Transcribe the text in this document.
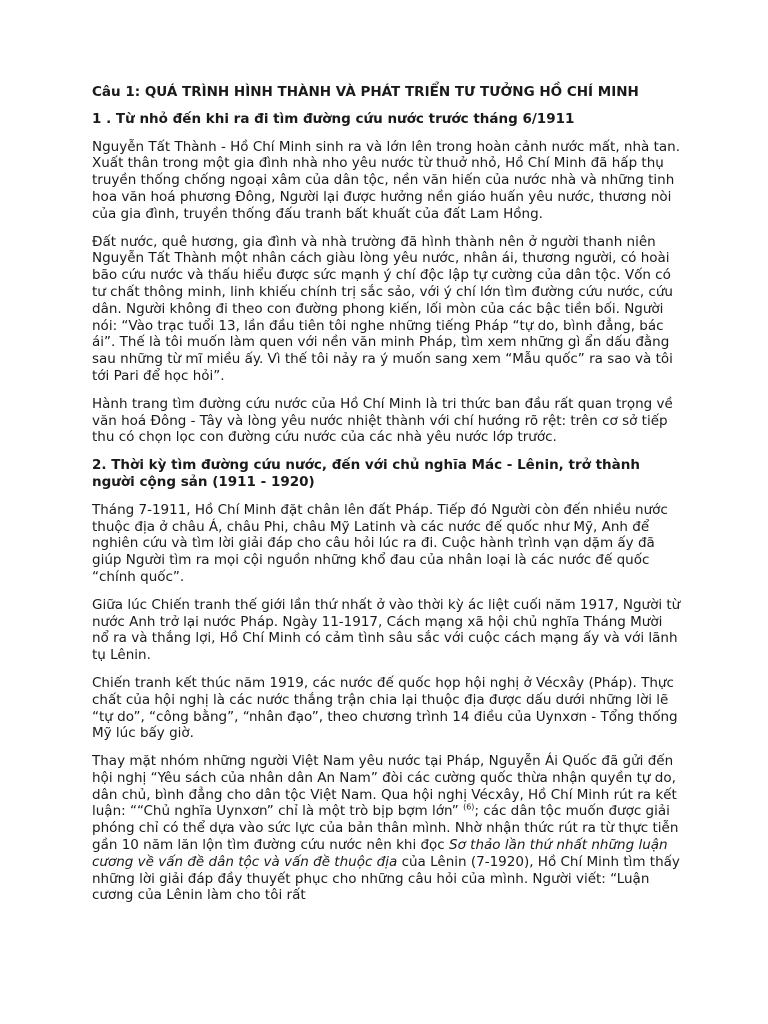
Câu 1: QUÁ TRÌNH HÌNH THÀNH VÀ PHÁT TRIỂN TƯ TƯỞNG HỒ CHÍ MINH
1 . Từ nhỏ đến khi ra đi tìm đường cứu nước trước tháng 6/1911

Nguyễn Tất Thành - Hồ Chí Minh sinh ra và lớn lên trong hoàn cảnh nước mất, nhà tan. Xuất thân trong một gia đình nhà nho yêu nước từ thuở nhỏ, Hồ Chí Minh đã hấp thụ truyền thống chống ngoại xâm của dân tộc, nền văn hiến của nước nhà và những tinh hoa văn hoá phương Đông, Người lại được hưởng nền giáo huấn yêu nước, thương nòi của gia đình, truyền thống đấu tranh bất khuất của đất Lam Hồng.

Đất nước, quê hương, gia đình và nhà trường đã hình thành nên ở người thanh niên Nguyễn Tất Thành một nhân cách giàu lòng yêu nước, nhân ái, thương người, có hoài bão cứu nước và thấu hiểu được sức mạnh ý chí độc lập tự cường của dân tộc. Vốn có tư chất thông minh, linh khiếu chính trị sắc sảo, với ý chí lớn tìm đường cứu nước, cứu dân. Người không đi theo con đường phong kiến, lối mòn của các bậc tiền bối. Người nói: “Vào trạc tuổi 13, lần đầu tiên tôi nghe những tiếng Pháp “tự do, bình đẳng, bác ái”. Thế là tôi muốn làm quen với nền văn minh Pháp, tìm xem những gì ẩn dấu đằng sau những từ mĩ miều ấy. Vì thế tôi nảy ra ý muốn sang xem “Mẫu quốc” ra sao và tôi tới Pari để học hỏi”.

Hành trang tìm đường cứu nước của Hồ Chí Minh là tri thức ban đầu rất quan trọng về văn hoá Đông - Tây và lòng yêu nước nhiệt thành với chí hướng rõ rệt: trên cơ sở tiếp thu có chọn lọc con đường cứu nước của các nhà yêu nước lớp trước.

2. Thời kỳ tìm đường cứu nước, đến với chủ nghĩa Mác - Lênin, trở thành người cộng sản (1911 - 1920)

Tháng 7-1911, Hồ Chí Minh đặt chân lên đất Pháp. Tiếp đó Người còn đến nhiều nước thuộc địa ở châu Á, châu Phi, châu Mỹ Latinh và các nước đế quốc như Mỹ, Anh để nghiên cứu và tìm lời giải đáp cho câu hỏi lúc ra đi. Cuộc hành trình vạn dặm ấy đã giúp Người tìm ra mọi cội nguồn những khổ đau của nhân loại là các nước đế quốc “chính quốc”.

Giữa lúc Chiến tranh thế giới lần thứ nhất ở vào thời kỳ ác liệt cuối năm 1917, Người từ nước Anh trở lại nước Pháp. Ngày 11-1917, Cách mạng xã hội chủ nghĩa Tháng Mười nổ ra và thắng lợi, Hồ Chí Minh có cảm tình sâu sắc với cuộc cách mạng ấy và với lãnh tụ Lênin.

Chiến tranh kết thúc năm 1919, các nước đế quốc họp hội nghị ở Vécxây (Pháp). Thực chất của hội nghị là các nước thắng trận chia lại thuộc địa được dấu dưới những lời lẽ “tự do”, “công bằng”, “nhân đạo”, theo chương trình 14 điều của Uynxơn - Tổng thống Mỹ lúc bấy giờ.

Thay mặt nhóm những người Việt Nam yêu nước tại Pháp, Nguyễn Ái Quốc đã gửi đến hội nghị “Yêu sách của nhân dân An Nam” đòi các cường quốc thừa nhận quyền tự do, dân chủ, bình đẳng cho dân tộc Việt Nam. Qua hội nghị Vécxây, Hồ Chí Minh rút ra kết luận: ““Chủ nghĩa Uynxơn” chỉ là một trò bịp bợm lớn” $^{(6)}$; các dân tộc muốn được giải phóng chỉ có thể dựa vào sức lực của bản thân mình. Nhờ nhận thức rút ra từ thực tiễn gần 10 năm lăn lộn tìm đường cứu nước nên khi đọc Sơ thảo lần thứ nhất những luận cương về vấn đề dân tộc và vấn đề thuộc địa của Lênin (7-1920), Hồ Chí Minh tìm thấy những lời giải đáp đầy thuyết phục cho những câu hỏi của mình. Người viết: “Luận cương của Lênin làm cho tôi rất
